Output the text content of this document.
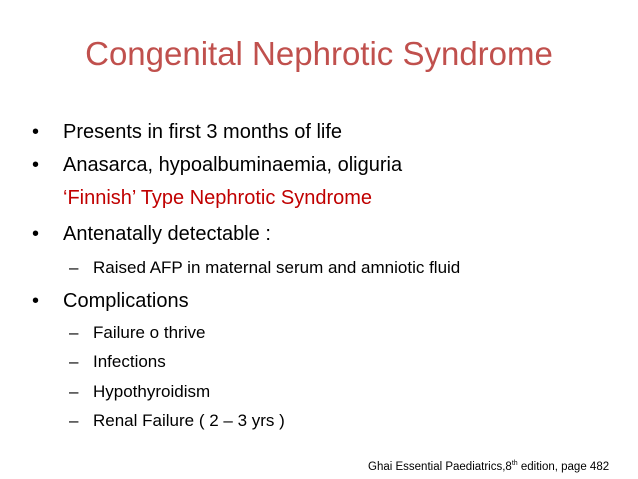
Congenital Nephrotic Syndrome
• Presents in first 3 months of life
• Anasarca, hypoalbuminaemia, oliguria
‘Finnish’ Type Nephrotic Syndrome
• Antenatally detectable :
– Raised AFP in maternal serum and amniotic fluid
• Complications
– Failure o thrive
– Infections
– Hypothyroidism
– Renal Failure ( 2 – 3 yrs )
Ghai Essential Paediatrics,8th edition, page 482
